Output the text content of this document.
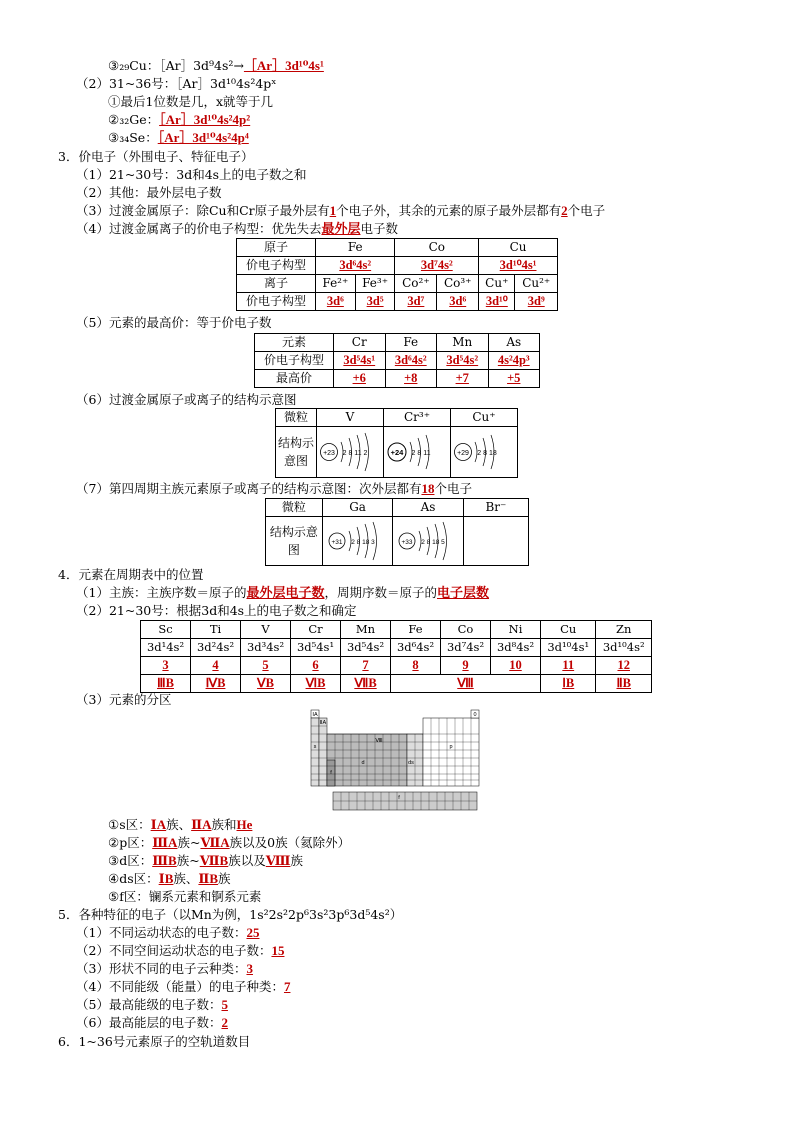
③₂₉Cu：［Ar］3d⁹4s²→［Ar］3d¹⁰4s¹
（2）31~36号：［Ar］3d¹⁰4s²4pˣ
①最后1位数是几，x就等于几
②₃₂Ge：［Ar］3d¹⁰4s²4p²
③₃₄Se：［Ar］3d¹⁰4s²4p⁴
3．价电子（外围电子、特征电子）
（1）21~30号：3d和4s上的电子数之和
（2）其他：最外层电子数
（3）过渡金属原子：除Cu和Cr原子最外层有1个电子外，其余的元素的原子最外层都有2个电子
（4）过渡金属离子的价电子构型：优先失去最外层电子数
原子	Fe		Co		Cu	
价电子构型	3d⁶4s²		3d⁷4s²		3d¹⁰4s¹	
离子	Fe²⁺	Fe³⁺	Co²⁺	Co³⁺	Cu⁺	Cu²⁺
价电子构型	3d⁶	3d⁵	3d⁷	3d⁶	3d¹⁰	3d⁹
（5）元素的最高价：等于价电子数
元素	Cr	Fe	Mn	As
价电子构型	3d⁵4s¹	3d⁶4s²	3d⁵4s²	4s²4p³
最高价	+6	+8	+7	+5
（6）过渡金属原子或离子的结构示意图
微粒	V	Cr³⁺	Cu⁺
结构示意图	+23 2 8 11 2	+24 2 8 11	+29 2 8 18
（7）第四周期主族元素原子或离子的结构示意图：次外层都有18个电子
微粒	Ga	As	Br⁻
结构示意图	+31 2 8 18 3	+33 2 8 18 5	

4．元素在周期表中的位置
（1）主族：主族序数＝原子的最外层电子数，周期序数＝原子的电子层数
（2）21~30号：根据3d和4s上的电子数之和确定
Sc	Ti	V	Cr	Mn	Fe	Co	Ni	Cu	Zn
3d¹4s²	3d²4s²	3d³4s²	3d⁵4s¹	3d⁵4s²	3d⁶4s²	3d⁷4s²	3d⁸4s²	3d¹⁰4s¹	3d¹⁰4s²
3	4	5	6	7	8	9	10	11	12
ⅢB	ⅣB	ⅤB	ⅥB	ⅦB	Ⅷ			ⅠB	ⅡB
（3）元素的分区
ⅠA
ⅡA
0
s	p
d
Ⅷ
ds
f
f
①s区：ⅠA族、ⅡA族和He
②p区：ⅢA族~ⅦA族以及0族（氦除外）
③d区：ⅢB族~ⅦB族以及Ⅷ族
④ds区：ⅠB族、ⅡB族
⑤f区：镧系元素和锕系元素
5．各种特征的电子（以Mn为例，1s²2s²2p⁶3s²3p⁶3d⁵4s²）
（1）不同运动状态的电子数：25
（2）不同空间运动状态的电子数：15
（3）形状不同的电子云种类：3
（4）不同能级（能量）的电子种类：7
（5）最高能级的电子数：5
（6）最高能层的电子数：2
6．1~36号元素原子的空轨道数目
